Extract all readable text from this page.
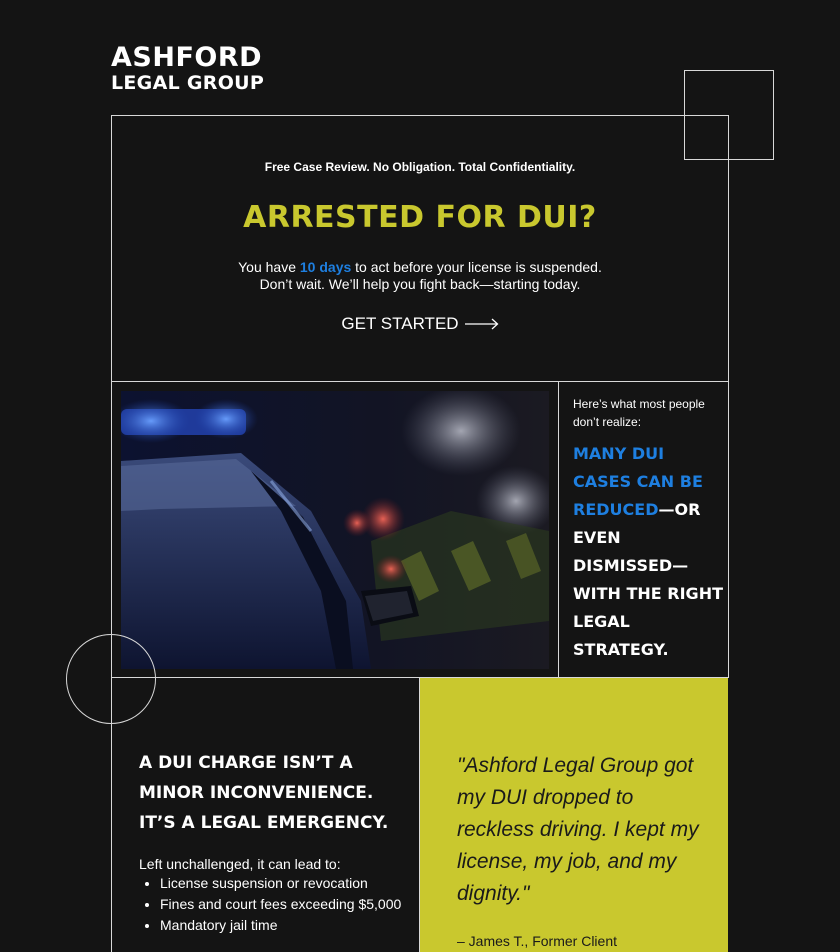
ASHFORD
LEGAL GROUP
Free Case Review. No Obligation. Total Confidentiality.
ARRESTED FOR DUI?
You have 10 days to act before your license is suspended.
Don’t wait. We’ll help you fight back—starting today.
GET STARTED
Here’s what most people don’t realize:
MANY DUI CASES CAN BE REDUCED—OR EVEN DISMISSED—WITH THE RIGHT LEGAL STRATEGY.
A DUI CHARGE ISN’T A MINOR INCONVENIENCE. IT’S A LEGAL EMERGENCY.
Left unchallenged, it can lead to:
• License suspension or revocation
• Fines and court fees exceeding $5,000
• Mandatory jail time
"Ashford Legal Group got my DUI dropped to reckless driving. I kept my license, my job, and my dignity."
– James T., Former Client
